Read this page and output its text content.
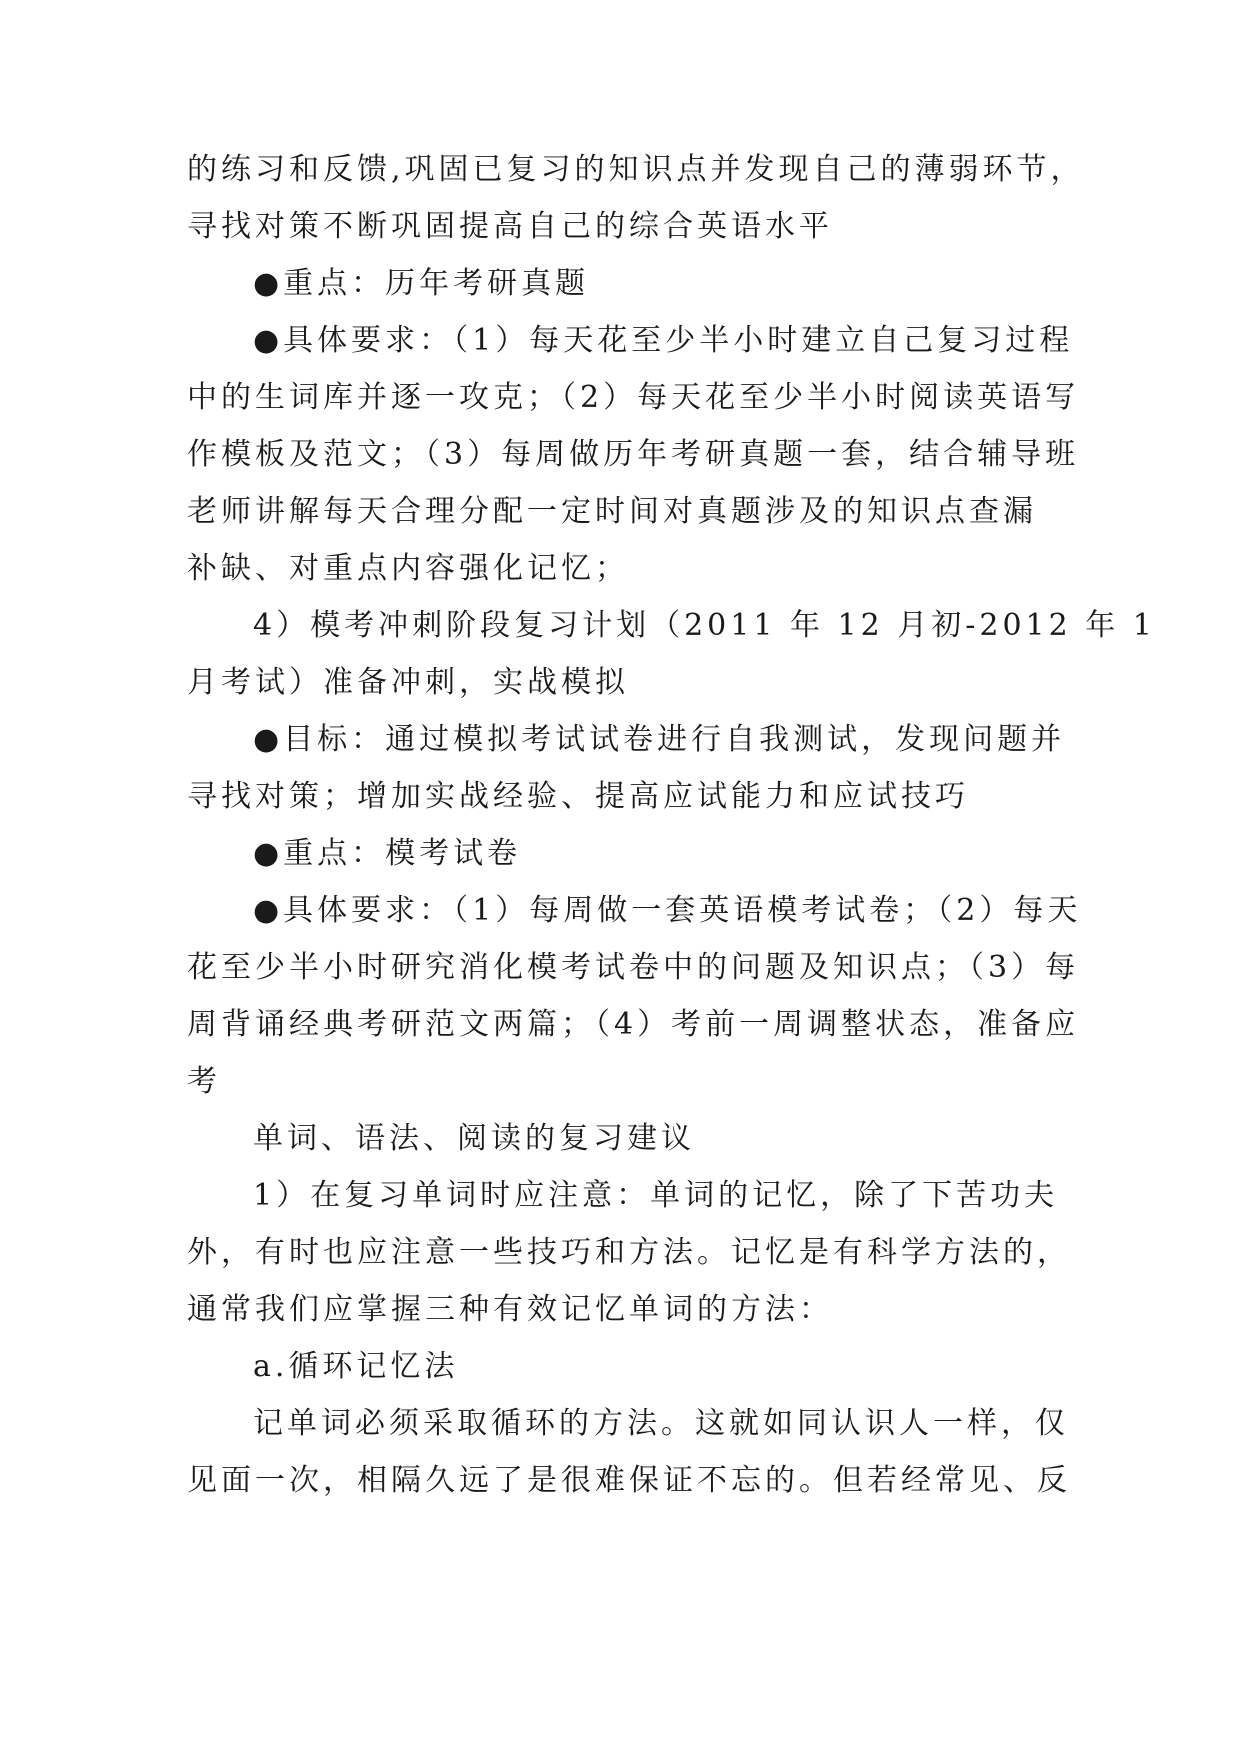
的练习和反馈,巩固已复习的知识点并发现自己的薄弱环节，
寻找对策不断巩固提高自己的综合英语水平
●重点：历年考研真题
●具体要求：（1）每天花至少半小时建立自己复习过程
中的生词库并逐一攻克；（2）每天花至少半小时阅读英语写
作模板及范文；（3）每周做历年考研真题一套，结合辅导班
老师讲解每天合理分配一定时间对真题涉及的知识点查漏
补缺、对重点内容强化记忆；
4）模考冲刺阶段复习计划（2011 年 12 月初-2012 年 1
月考试）准备冲刺，实战模拟
●目标：通过模拟考试试卷进行自我测试，发现问题并
寻找对策；增加实战经验、提高应试能力和应试技巧
●重点：模考试卷
●具体要求：（1）每周做一套英语模考试卷；（2）每天
花至少半小时研究消化模考试卷中的问题及知识点；（3）每
周背诵经典考研范文两篇；（4）考前一周调整状态，准备应
考
单词、语法、阅读的复习建议
1）在复习单词时应注意：单词的记忆，除了下苦功夫
外，有时也应注意一些技巧和方法。记忆是有科学方法的，
通常我们应掌握三种有效记忆单词的方法：
a.循环记忆法
记单词必须采取循环的方法。这就如同认识人一样，仅
见面一次，相隔久远了是很难保证不忘的。但若经常见、反
